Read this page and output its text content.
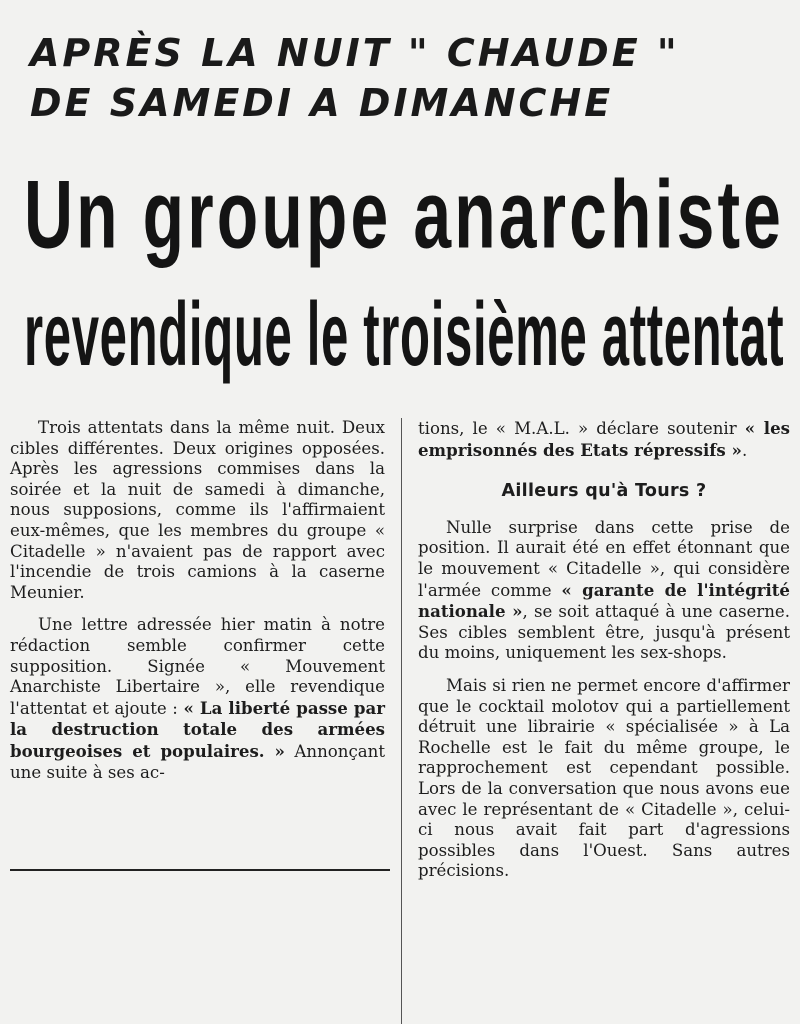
APRÈS LA NUIT " CHAUDE "
DE SAMEDI A DIMANCHE
Un groupe anarchiste
revendique le troisième attentat

Trois attentats dans la même nuit. Deux cibles différentes. Deux origines opposées. Après les agressions commises dans la soirée et la nuit de samedi à dimanche, nous supposions, comme ils l'affirmaient eux-mêmes, que les membres du groupe « Citadelle » n'avaient pas de rapport avec l'incendie de trois camions à la caserne Meunier.

Une lettre adressée hier matin à notre rédaction semble confirmer cette supposition. Signée « Mouvement Anarchiste Libertaire », elle revendique l'attentat et ajoute : « La liberté passe par la destruction totale des armées bourgeoises et populaires. » Annonçant une suite à ses ac-

tions, le « M.A.L. » déclare soutenir « les emprisonnés des Etats répressifs ».

Ailleurs qu'à Tours ?

Nulle surprise dans cette prise de position. Il aurait été en effet étonnant que le mouvement « Citadelle », qui considère l'armée comme « garante de l'intégrité nationale », se soit attaqué à une caserne. Ses cibles semblent être, jusqu'à présent du moins, uniquement les sex-shops.

Mais si rien ne permet encore d'affirmer que le cocktail molotov qui a partiellement détruit une librairie « spécialisée » à La Rochelle est le fait du même groupe, le rapprochement est cependant possible. Lors de la conversation que nous avons eue avec le représentant de « Citadelle », celui-ci nous avait fait part d'agressions possibles dans l'Ouest. Sans autres précisions.
